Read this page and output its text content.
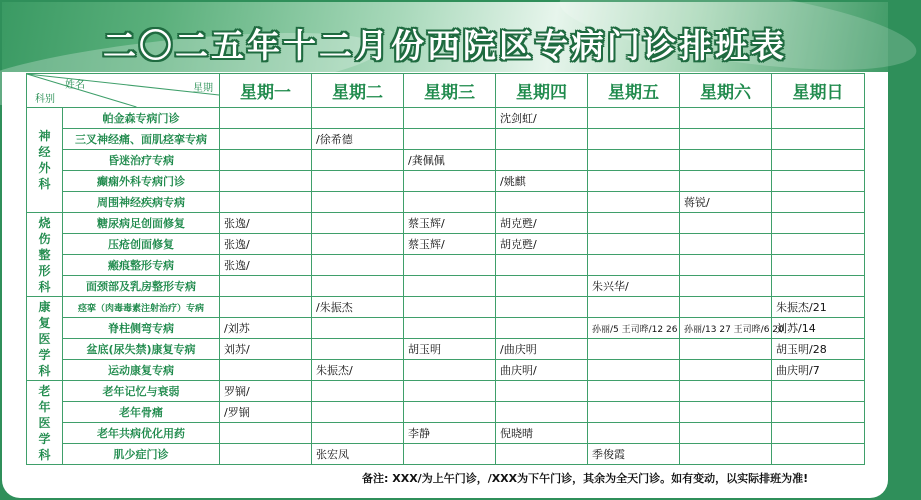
二〇二五年十二月份西院区专病门诊排班表
姓名 星期
科别		星期一	星期二	星期三	星期四	星期五	星期六	星期日

神经外科	帕金森专病门诊				沈剑虹/			
	三叉神经痛、面肌痉挛专病		/徐希德					
	昏迷治疗专病			/龚佩佩				
	癫痫外科专病门诊				/姚麒			
	周围神经疾病专病						蒋锐/	

烧伤整形科	糖尿病足创面修复	张逸/		蔡玉辉/	胡克甦/			
	压疮创面修复	张逸/		蔡玉辉/	胡克甦/			
	瘢痕整形专病	张逸/						
	面颈部及乳房整形专病					朱兴华/		

康复医学科	痉挛（肉毒毒素注射治疗）专病		/朱振杰					朱振杰/21
	脊柱侧弯专病	/刘苏				孙丽/5 王司晔/12 26	孙丽/13 27 王司晔/6 20	刘苏/14
	盆底(尿失禁)康复专病	刘苏/		胡玉明	/曲庆明			胡玉明/28
	运动康复专病		朱振杰/		曲庆明/			曲庆明/7

老年医学科	老年记忆与衰弱	罗锎/						
	老年骨痛	/罗锎						
	老年共病优化用药			李静	倪晓晴			
	肌少症门诊		张宏凤			季俊霞		
备注: XXX/为上午门诊，/XXX为下午门诊，其余为全天门诊。如有变动，以实际排班为准!
